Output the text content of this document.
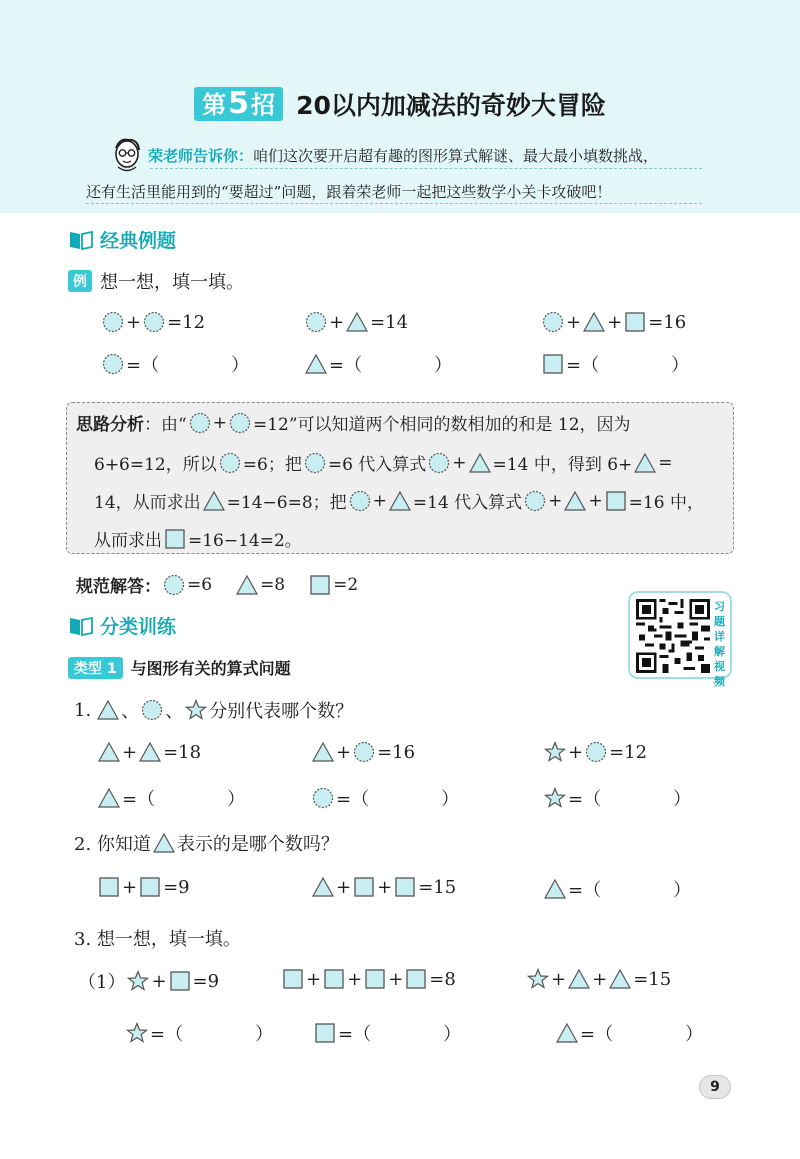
第5招 20以内加减法的奇妙大冒险
荣老师告诉你：咱们这次要开启超有趣的图形算式解谜、最大最小填数挑战，
还有生活里能用到的“要超过”问题，跟着荣老师一起把这些数学小关卡攻破吧！
经典例题
例 想一想，填一填。
+ =12	+ =14	+ + =16
=（	）	=（	）	=（	）
思路分析 ：由“ + =12”可以知道两个相同的数相加的和是 12，因为
6+6=12，所以 =6；把 =6 代入算式 + =14 中，得到 6+ =
14，从而求出 =14−6=8；把 + =14 代入算式 + + =16 中，
从而求出 =16−14=2。
规范解答： =6	=8	=2
分类训练
习题详解视频
类型 1 与图形有关的算式问题
1. 、 、 分别代表哪个数？
+ =18	+ =16	+ =12
=（	）	=（	）	=（	）
2. 你知道 表示的是哪个数吗？
+ =9	+ + =15	=（	）
3. 想一想，填一填。
（1） + =9	+ + + =8	+ + =15
=（	）	=（	）	=（	）
9
